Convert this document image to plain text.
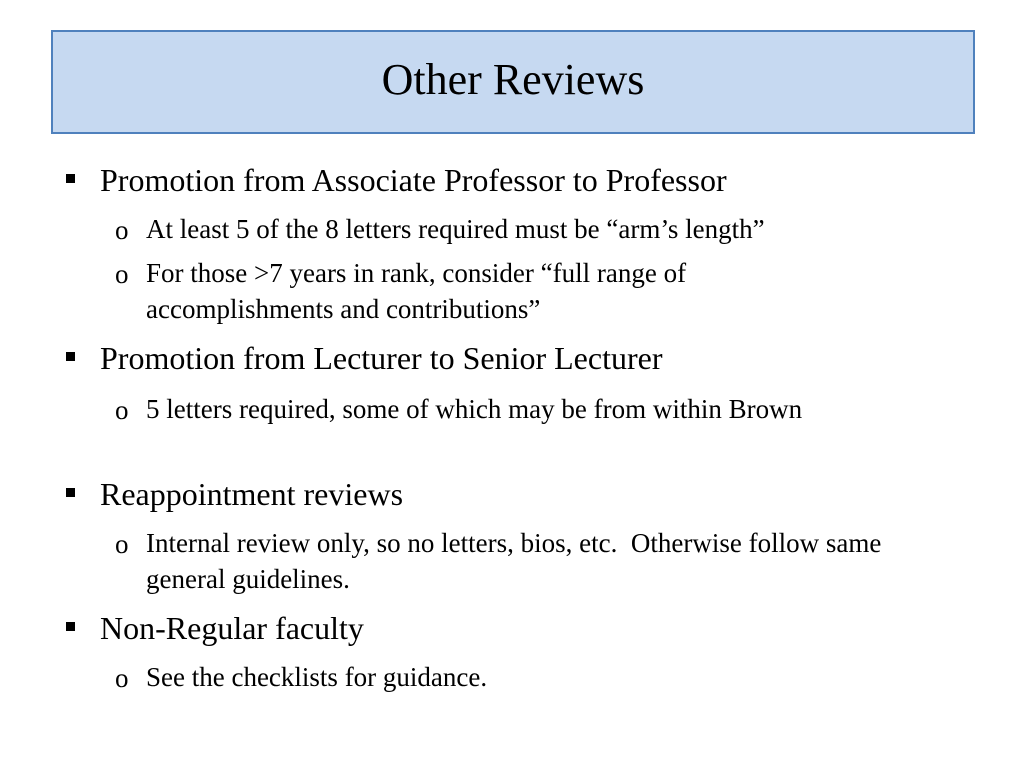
Other Reviews
Promotion from Associate Professor to Professor
o At least 5 of the 8 letters required must be “arm’s length”
o For those >7 years in rank, consider “full range of accomplishments and contributions”
Promotion from Lecturer to Senior Lecturer
o 5 letters required, some of which may be from within Brown
Reappointment reviews
o Internal review only, so no letters, bios, etc.  Otherwise follow same general guidelines.
Non-Regular faculty
o See the checklists for guidance.
